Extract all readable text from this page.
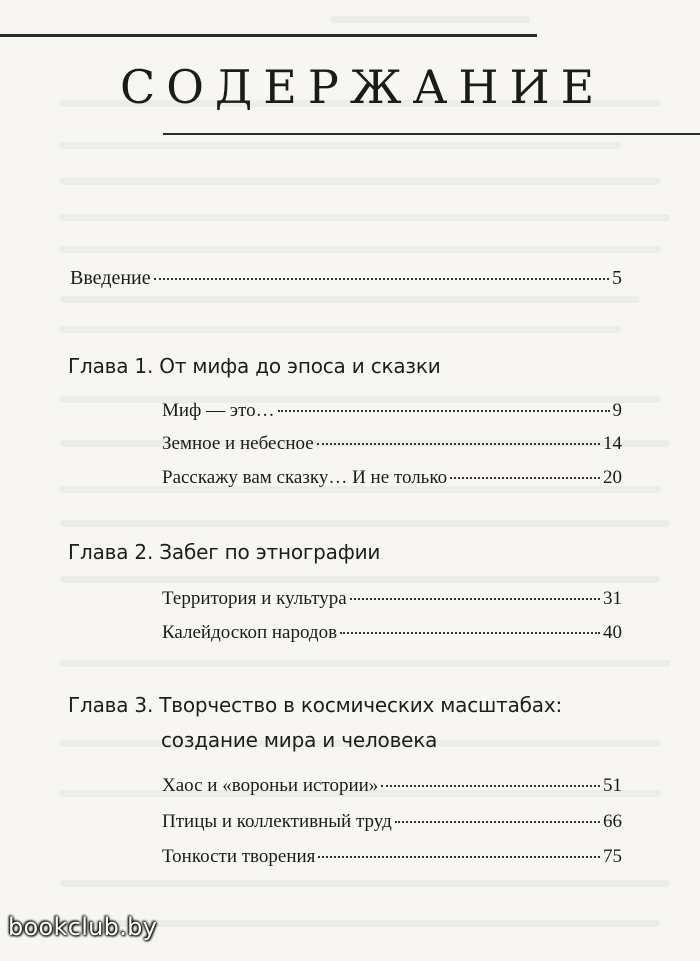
СОДЕРЖАНИЕ
Введение	5
Глава 1. От мифа до эпоса и сказки
Миф — это…	9
Земное и небесное	14
Расскажу вам сказку… И не только	20
Глава 2. Забег по этнографии
Территория и культура	31
Калейдоскоп народов	40
Глава 3. Творчество в космических масштабах:
создание мира и человека
Хаос и «вороньи истории»	51
Птицы и коллективный труд	66
Тонкости творения	75
bookclub.by
